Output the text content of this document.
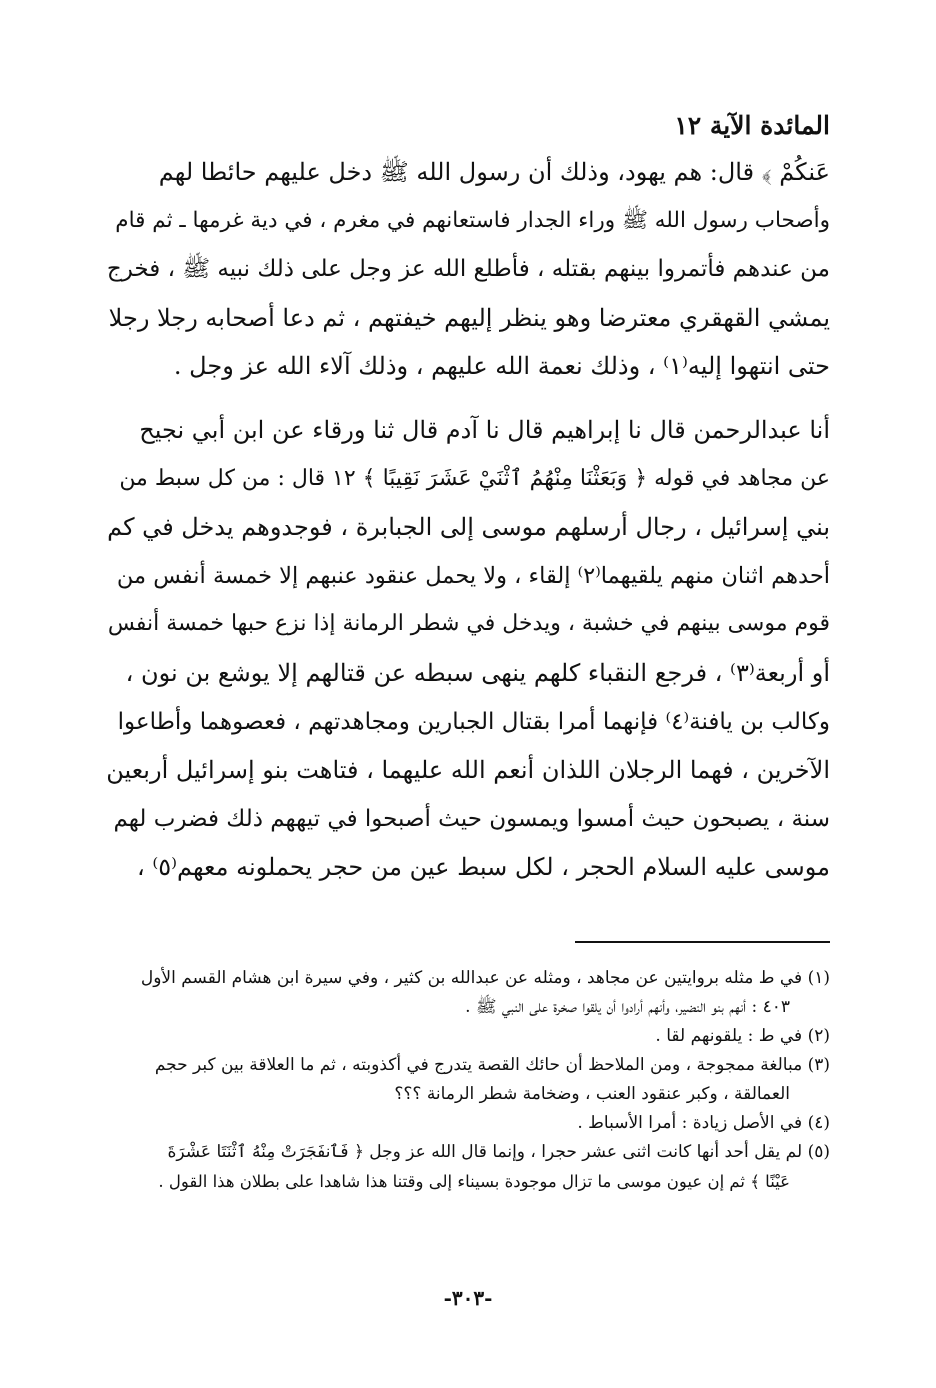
المائدة الآية ١٢
عَنكُمْ ﴾ قال: هم يهود، وذلك أن رسول الله ﷺ دخل عليهم حائطا لهم
وأصحاب رسول الله ﷺ وراء الجدار فاستعانهم في مغرم ، في دية غرمها ـ ثم قام
من عندهم فأتمروا بينهم بقتله ، فأطلع الله عز وجل على ذلك نبيه ﷺ ، فخرج
يمشي القهقري معترضا وهو ينظر إليهم خيفتهم ، ثم دعا أصحابه رجلا رجلا
حتى انتهوا إليه⁽١⁾ ، وذلك نعمة الله عليهم ، وذلك آلاء الله عز وجل .
أنا عبدالرحمن قال نا إبراهيم قال نا آدم قال ثنا ورقاء عن ابن أبي نجيح
عن مجاهد في قوله ﴿ وَبَعَثْنَا مِنْهُمُ ٱثْنَيْ عَشَرَ نَقِيبًا ﴾ ١٢ قال : من كل سبط من
بني إسرائيل ، رجال أرسلهم موسى إلى الجبابرة ، فوجدوهم يدخل في كم
أحدهم اثنان منهم يلقيهما⁽٢⁾ إلقاء ، ولا يحمل عنقود عنبهم إلا خمسة أنفس من
قوم موسى بينهم في خشبة ، ويدخل في شطر الرمانة إذا نزع حبها خمسة أنفس
أو أربعة⁽٣⁾ ، فرجع النقباء كلهم ينهى سبطه عن قتالهم إلا يوشع بن نون ،
وكالب بن يافنة⁽٤⁾ فإنهما أمرا بقتال الجبارين ومجاهدتهم ، فعصوهما وأطاعوا
الآخرين ، فهما الرجلان اللذان أنعم الله عليهما ، فتاهت بنو إسرائيل أربعين
سنة ، يصبحون حيث أمسوا ويمسون حيث أصبحوا في تيههم ذلك فضرب لهم
موسى عليه السلام الحجر ، لكل سبط عين من حجر يحملونه معهم⁽٥⁾ ،
(١) في ط مثله بروايتين عن مجاهد ، ومثله عن عبدالله بن كثير ، وفي سيرة ابن هشام القسم الأول
٤٠٣ : أنهم بنو النضير، وأنهم أرادوا أن يلقوا صخرة على النبي ﷺ .
(٢) في ط : يلقونهم لقا .
(٣) مبالغة ممجوجة ، ومن الملاحظ أن حائك القصة يتدرج في أكذوبته ، ثم ما العلاقة بين كبر حجم
العمالقة ، وكبر عنقود العنب ، وضخامة شطر الرمانة ؟؟؟
(٤) في الأصل زيادة : أمرا الأسباط .
(٥) لم يقل أحد أنها كانت اثنى عشر حجرا ، وإنما قال الله عز وجل ﴿ فَٱنفَجَرَتْ مِنْهُ ٱثْنَتَا عَشْرَةَ
عَيْنًا ﴾ ثم إن عيون موسى ما تزال موجودة بسيناء إلى وقتنا هذا شاهدا على بطلان هذا القول .
-٣٠٣-
